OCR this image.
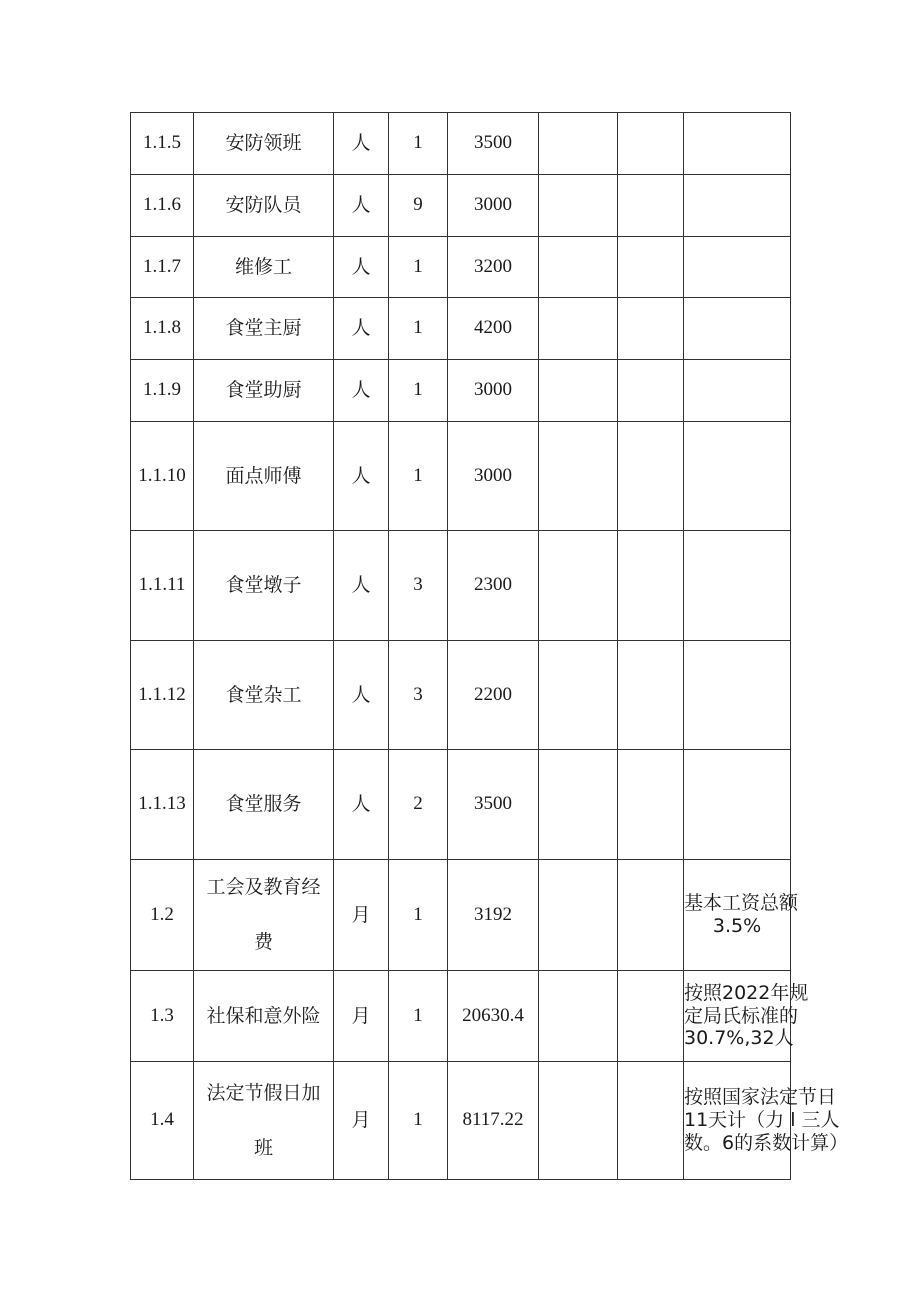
1.1.5	安防领班	人	1	3500			
1.1.6	安防队员	人	9	3000			
1.1.7	维修工	人	1	3200			
1.1.8	食堂主厨	人	1	4200			
1.1.9	食堂助厨	人	1	3000			
1.1.10	面点师傅	人	1	3000			
1.1.11	食堂墩子	人	3	2300			
1.1.12	食堂杂工	人	3	2200			
1.1.13	食堂服务	人	2	3500			
1.2	工会及教育经费	月	1	3192			基本工资总额
3.5%

1.3	社保和意外险	月	1	20630.4			按照2022年规
定局氏标准的
30.7%,32人

1.4	法定节假日加班	月	1	8117.22			按照国家法定节日
11天计（力 l 三人
数。6的系数计算）
